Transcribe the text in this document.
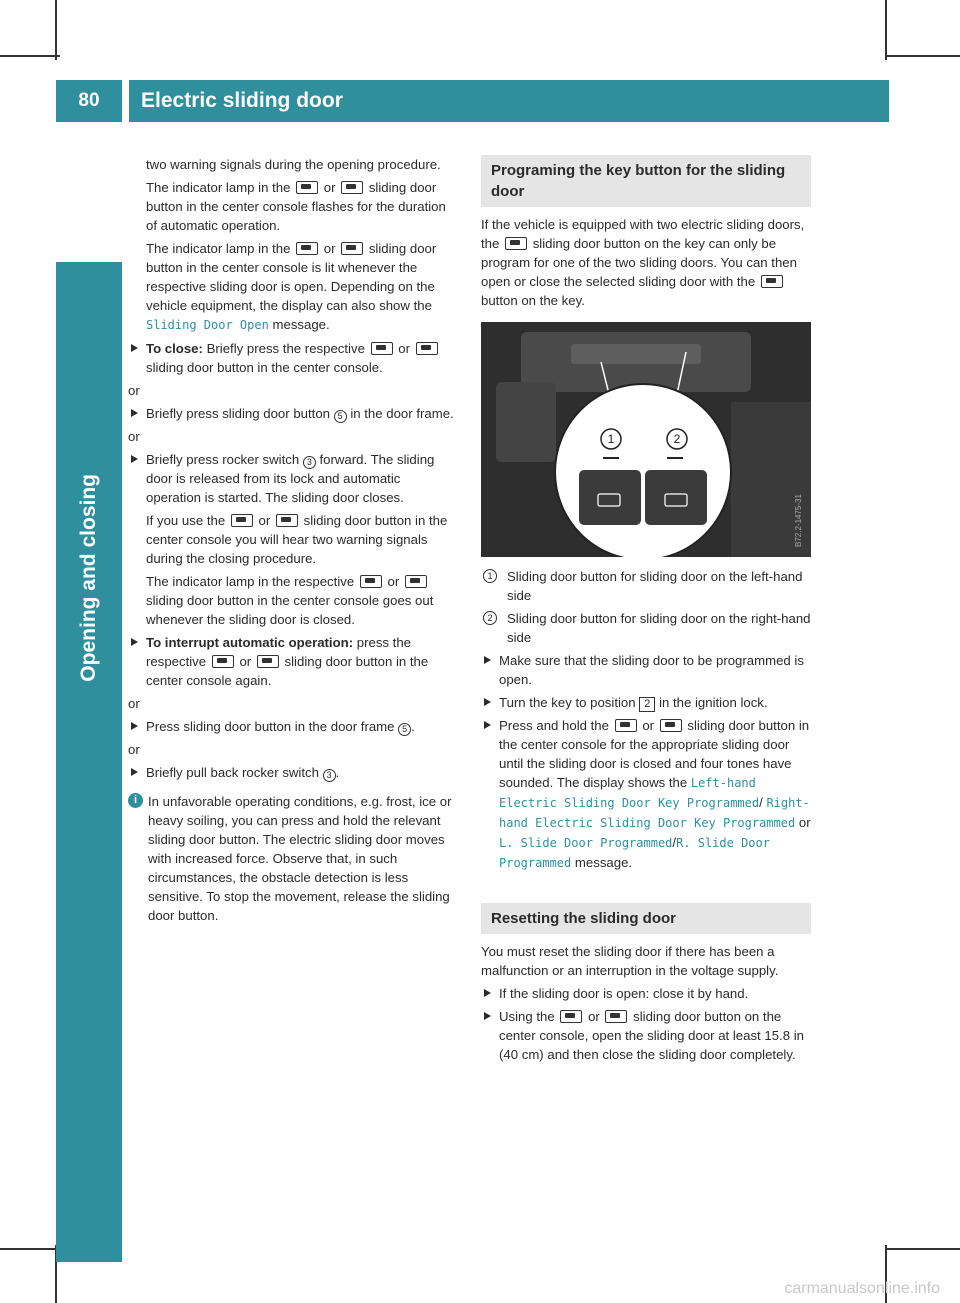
80	Electric sliding door
Opening and closing

two warning signals during the opening procedure.

The indicator lamp in the	or	sliding door button in the center console flashes for the duration of automatic operation.

The indicator lamp in the	or	sliding door button in the center console is lit whenever the respective sliding door is open. Depending on the vehicle equipment, the display can also show the Sliding Door Open message.

To close: Briefly press the respective	or  sliding door button in the center console.

or

Briefly press sliding door button 5 in the door frame.

or

Briefly press rocker switch 3 forward. The sliding door is released from its lock and automatic operation is started. The sliding door closes.

If you use the	or	sliding door button in the center console you will hear two warning signals during the closing procedure.

The indicator lamp in the respective	or  sliding door button in the center console goes out whenever the sliding door is closed.

To interrupt automatic operation: press the respective	or	sliding door button in the center console again.

or

Press sliding door button in the door frame 5 .

or

Briefly pull back rocker switch 3 .

i In unfavorable operating conditions, e.g. frost, ice or heavy soiling, you can press and hold the relevant sliding door button. The electric sliding door moves with increased force. Observe that, in such circumstances, the obstacle detection is less sensitive. To stop the movement, release the sliding door button.
Programing the key button for the sliding door

If the vehicle is equipped with two electric sliding doors, the	sliding door button on the key can only be program for one of the two sliding doors. You can then open or close the selected sliding door with the  button on the key.

1	2
B72.2-1475-31
1	Sliding door button for sliding door on the left-hand side
2	Sliding door button for sliding door on the right-hand side

Make sure that the sliding door to be programmed is open.

Turn the key to position 2 in the ignition lock.

Press and hold the	or	sliding door button in the center console for the appropriate sliding door until the sliding door is closed and four tones have sounded. The display shows the Left-hand Electric Sliding Door Key Programmed/ Right-hand Electric Sliding Door Key Programmed or L. Slide Door Programmed/R. Slide Door Programmed message.

Resetting the sliding door

You must reset the sliding door if there has been a malfunction or an interruption in the voltage supply.

If the sliding door is open: close it by hand.

Using the	or	sliding door button on the center console, open the sliding door at least 15.8 in (40 cm) and then close the sliding door completely.

carmanualsonline.info
